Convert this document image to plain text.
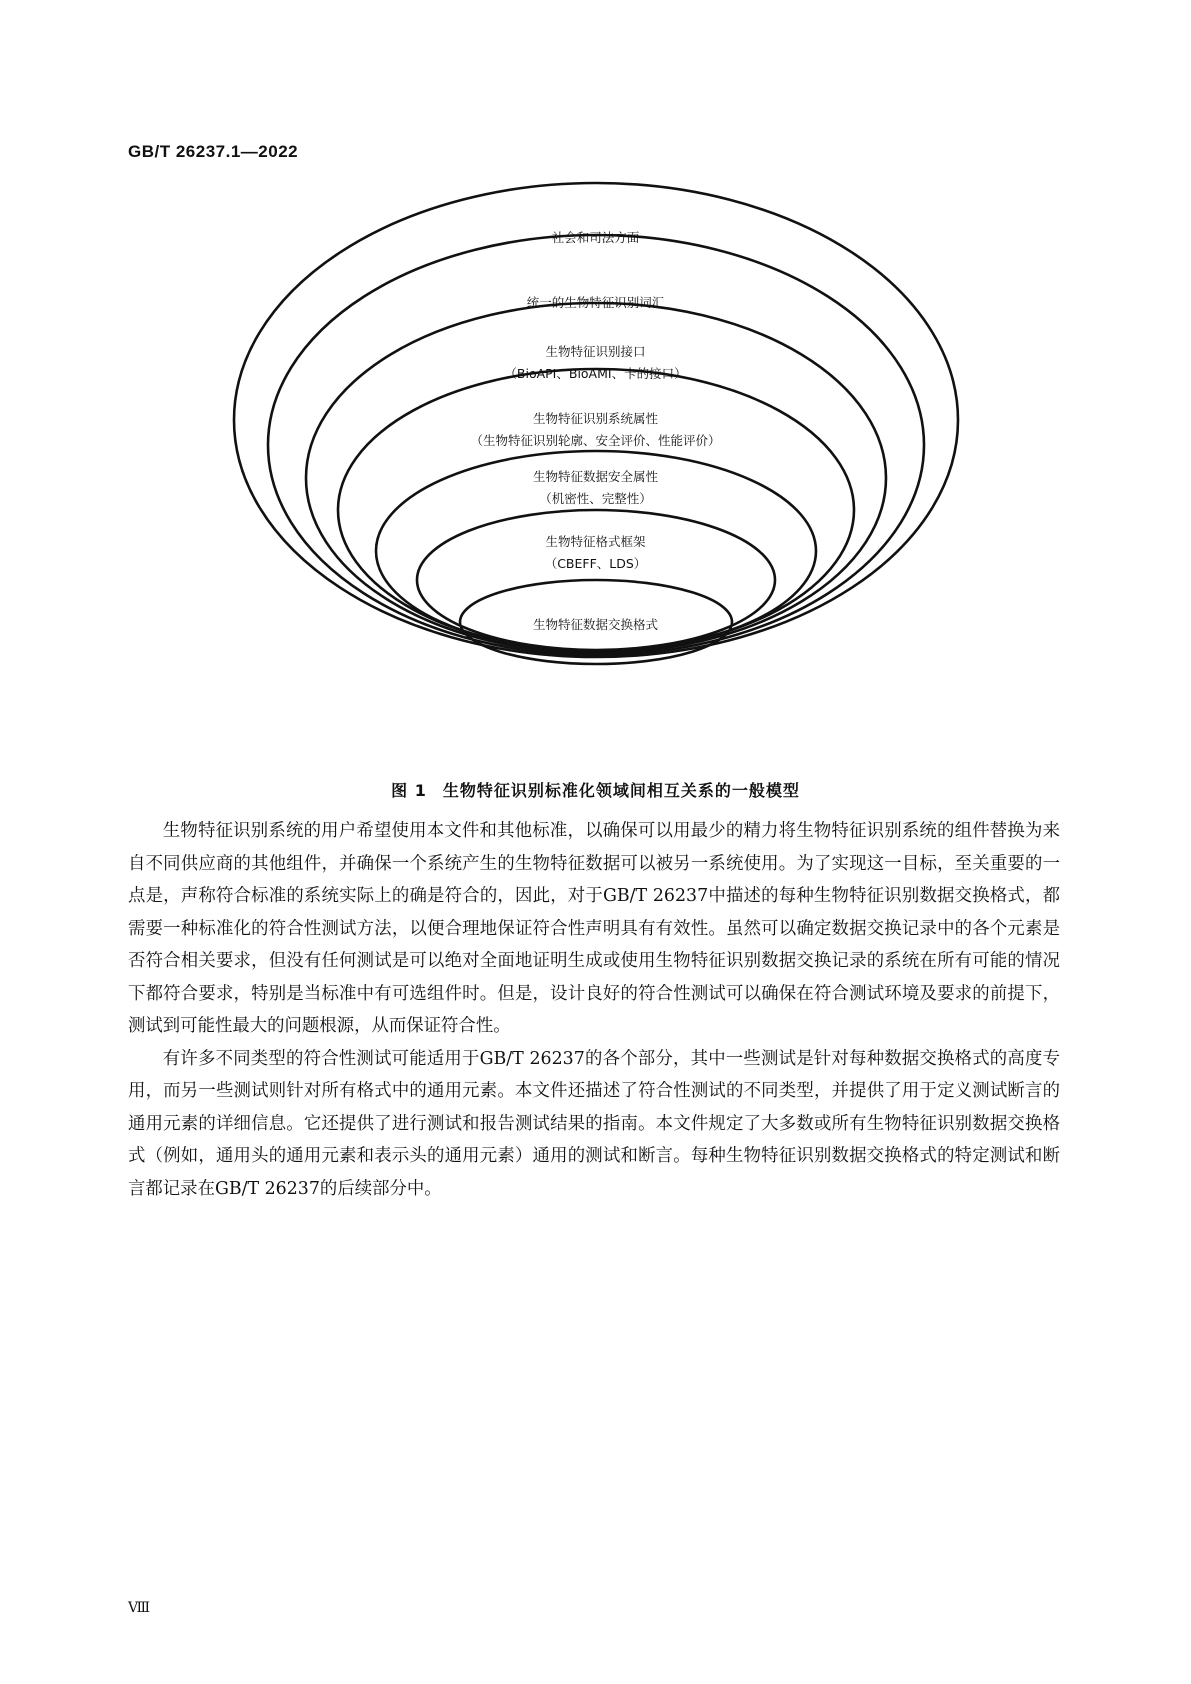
GB/T 26237.1—2022
社会和司法方面
统一的生物特征识别词汇
生物特征识别接口
（BioAPI、BioAMI、卡的接口）
生物特征识别系统属性
（生物特征识别轮廓、安全评价、性能评价）
生物特征数据安全属性
（机密性、完整性）
生物特征格式框架
（CBEFF、LDS）
生物特征数据交换格式
图 1 生物特征识别标准化领域间相互关系的一般模型

生物特征识别系统的用户希望使用本文件和其他标准，以确保可以用最少的精力将生物特征识别系统的组件替换为来自不同供应商的其他组件，并确保一个系统产生的生物特征数据可以被另一系统使用。为了实现这一目标，至关重要的一点是，声称符合标准的系统实际上的确是符合的，因此，对于GB/T 26237中描述的每种生物特征识别数据交换格式，都需要一种标准化的符合性测试方法，以便合理地保证符合性声明具有有效性。虽然可以确定数据交换记录中的各个元素是否符合相关要求，但没有任何测试是可以绝对全面地证明生成或使用生物特征识别数据交换记录的系统在所有可能的情况下都符合要求，特别是当标准中有可选组件时。但是，设计良好的符合性测试可以确保在符合测试环境及要求的前提下，测试到可能性最大的问题根源，从而保证符合性。

有许多不同类型的符合性测试可能适用于GB/T 26237的各个部分，其中一些测试是针对每种数据交换格式的高度专用，而另一些测试则针对所有格式中的通用元素。本文件还描述了符合性测试的不同类型，并提供了用于定义测试断言的通用元素的详细信息。它还提供了进行测试和报告测试结果的指南。本文件规定了大多数或所有生物特征识别数据交换格式（例如，通用头的通用元素和表示头的通用元素）通用的测试和断言。每种生物特征识别数据交换格式的特定测试和断言都记录在GB/T 26237的后续部分中。

Ⅷ
